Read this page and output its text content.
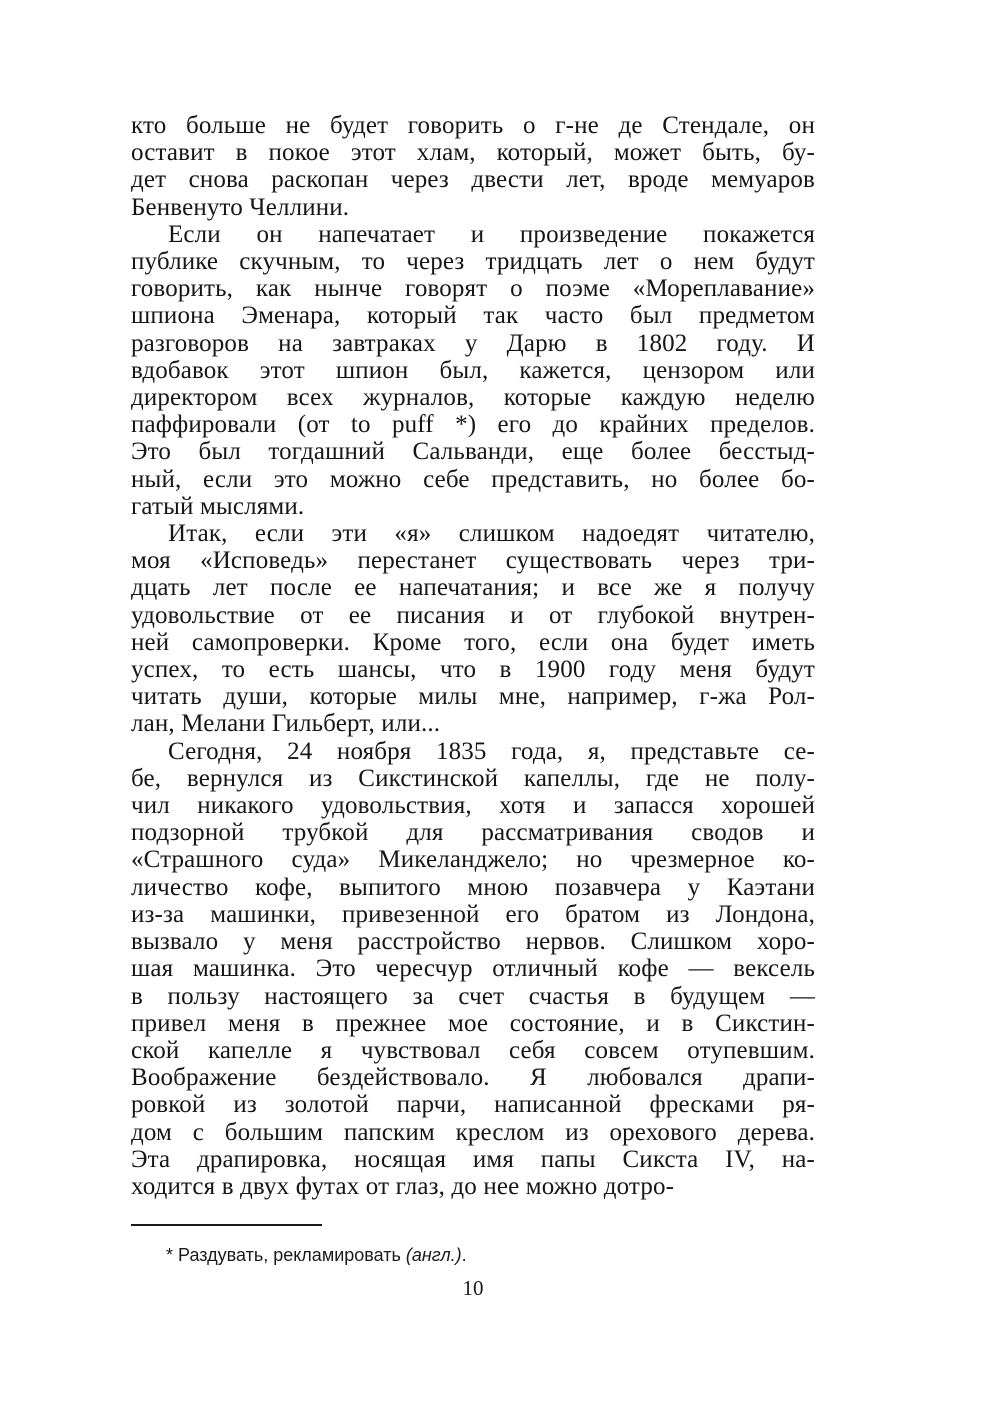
кто больше не будет говорить о г-не де Стендале, он

оставит в покое этот хлам, который, может быть, бу-

дет снова раскопан через двести лет, вроде мемуаров

Бенвенуто Челлини.

Если он напечатает и произведение покажется

публике скучным, то через тридцать лет о нем будут

говорить, как нынче говорят о поэме «Мореплавание»

шпиона Эменара, который так часто был предметом

разговоров на завтраках у Дарю в 1802 году. И

вдобавок этот шпион был, кажется, цензором или

директором всех журналов, которые каждую неделю

паффировали (от to puff *) его до крайних пределов.

Это был тогдашний Сальванди, еще более бесстыд-

ный, если это можно себе представить, но более бо-

гатый мыслями.

Итак, если эти «я» слишком надоедят читателю,

моя «Исповедь» перестанет существовать через три-

дцать лет после ее напечатания; и все же я получу

удовольствие от ее писания и от глубокой внутрен-

ней самопроверки. Кроме того, если она будет иметь

успех, то есть шансы, что в 1900 году меня будут

читать души, которые милы мне, например, г-жа Рол-

лан, Мелани Гильберт, или...

Сегодня, 24 ноября 1835 года, я, представьте се-

бе, вернулся из Сикстинской капеллы, где не полу-

чил никакого удовольствия, хотя и запасся хорошей

подзорной трубкой для рассматривания сводов и

«Страшного суда» Микеланджело; но чрезмерное ко-

личество кофе, выпитого мною позавчера у Каэтани

из-за машинки, привезенной его братом из Лондона,

вызвало у меня расстройство нервов. Слишком хоро-

шая машинка. Это чересчур отличный кофе — вексель

в пользу настоящего за счет счастья в будущем —

привел меня в прежнее мое состояние, и в Сикстин-

ской капелле я чувствовал себя совсем отупевшим.

Воображение бездействовало. Я любовался драпи-

ровкой из золотой парчи, написанной фресками ря-

дом с большим папским креслом из орехового дерева.

Эта драпировка, носящая имя папы Сикста IV, на-

ходится в двух футах от глаз, до нее можно дотро-

* Раздувать, рекламировать (англ.).
10
